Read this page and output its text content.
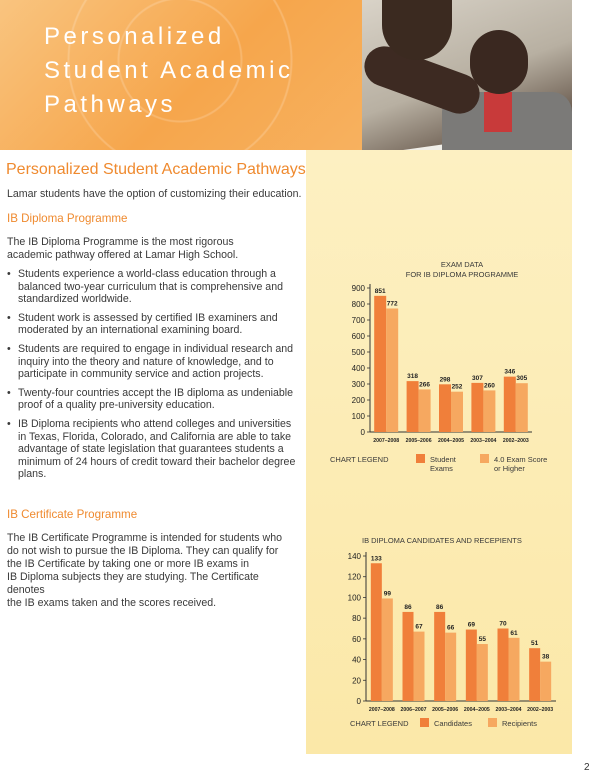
Personalized
Student Academic
Pathways
Personalized Student Academic Pathways
Lamar students have the option of customizing their education.
IB Diploma Programme
The IB Diploma Programme is the most rigorous
academic pathway offered at Lamar High School.
• Students experience a world-class education through a balanced two-year curriculum that is comprehensive and standardized worldwide.
• Student work is assessed by certified IB examiners and moderated by an international examining board.
• Students are required to engage in individual research and inquiry into the theory and nature of knowledge, and to participate in community service and action projects.
• Twenty-four countries accept the IB diploma as undeniable proof of a quality pre-university education.
• IB Diploma recipients who attend colleges and universities in Texas, Florida, Colorado, and California are able to take advantage of state legislation that guarantees students a minimum of 24 hours of credit toward their bachelor degree plans.
IB Certificate Programme
The IB Certificate Programme is intended for students who
do not wish to pursue the IB Diploma. They can qualify for
the IB Certificate by taking one or more IB exams in
IB Diploma subjects they are studying. The Certificate
denotes
the IB exams taken and the scores received.
EXAM DATA
FOR IB DIPLOMA PROGRAMME
0
100
200
300
400
500
600
700
800
900 851
772
2007–2008
318
266
2005–2006
298
252
2004–2005
307
260
2003–2004
346
305
2002–2003
CHART LEGEND	Student
Exams
4.0 Exam Score
or Higher
IB DIPLOMA CANDIDATES AND RECEPIENTS
0
20
40
60
80
100
120
140 133
99
2007–2008
86
67
2006–2007
86
66
2005–2006
69
55
2004–2005
70
61
2003–2004
51
38
2002–2003
CHART LEGEND	Candidates	Recipients
2
